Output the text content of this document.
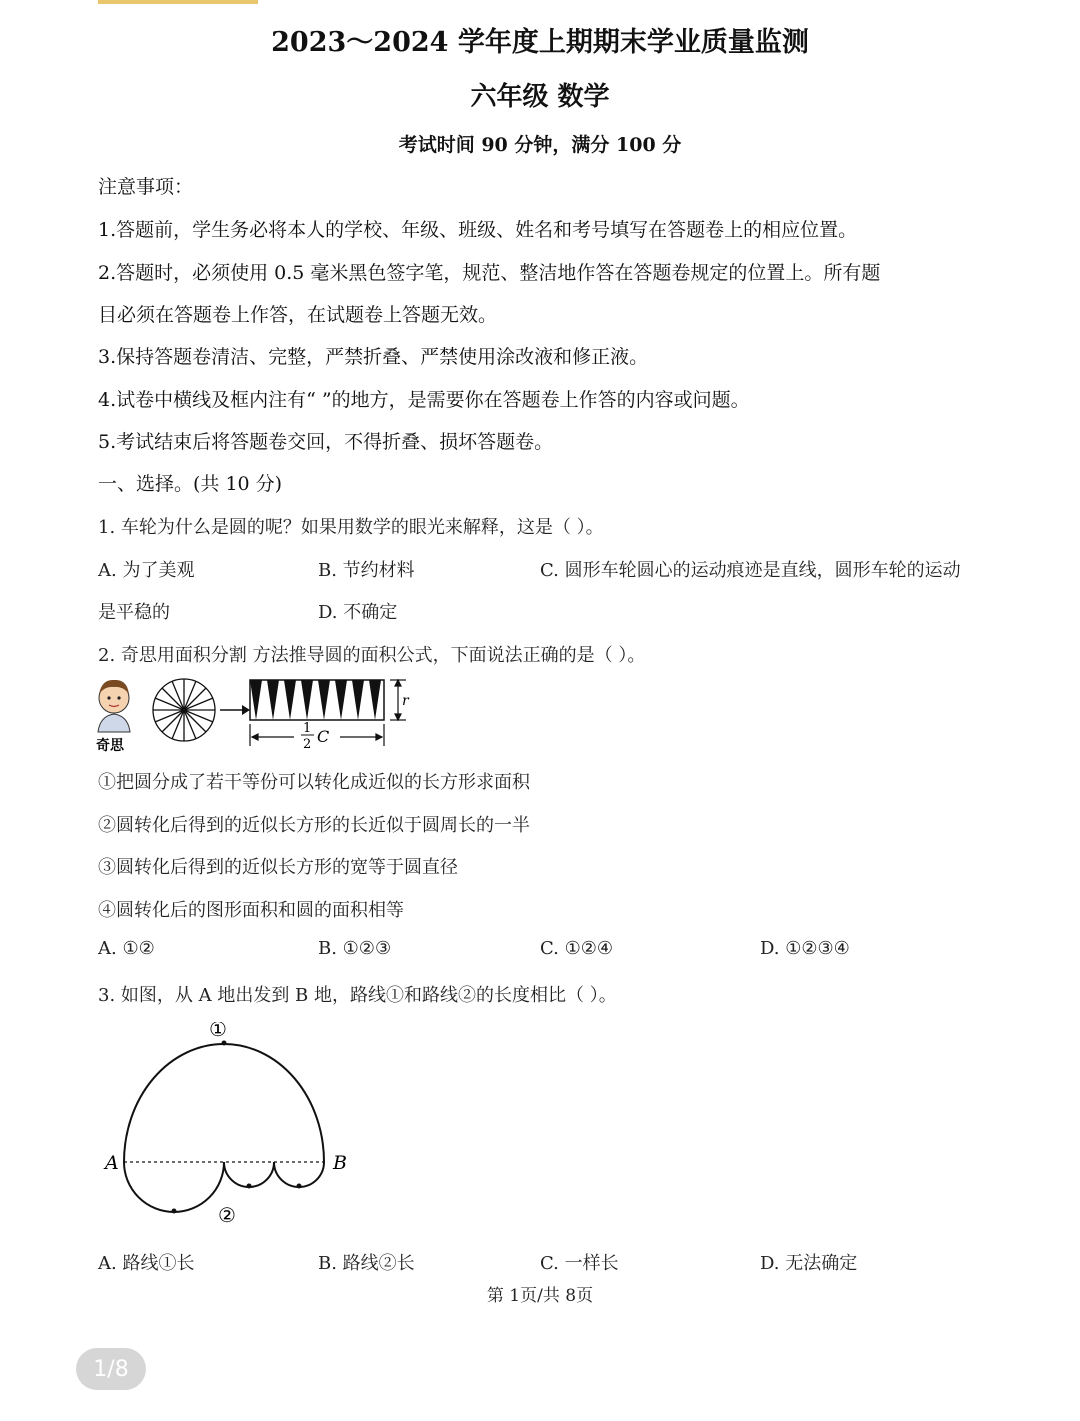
2023～2024 学年度上期期末学业质量监测
六年级 数学
考试时间 90 分钟，满分 100 分
注意事项：
1.答题前，学生务必将本人的学校、年级、班级、姓名和考号填写在答题卷上的相应位置。
2.答题时，必须使用 0.5 毫米黑色签字笔，规范、整洁地作答在答题卷规定的位置上。所有题
目必须在答题卷上作答，在试题卷上答题无效。
3.保持答题卷清洁、完整，严禁折叠、严禁使用涂改液和修正液。
4.试卷中横线及框内注有“ ”的地方，是需要你在答题卷上作答的内容或问题。
5.考试结束后将答题卷交回，不得折叠、损坏答题卷。
一、选择。(共 10 分)
1. 车轮为什么是圆的呢？如果用数学的眼光来解释，这是（ ）。
A. 为了美观	B. 节约材料	C. 圆形车轮圆心的运动痕迹是直线，圆形车轮的运动
是平稳的	D. 不确定
2. 奇思用面积分割 方法推导圆的面积公式，下面说法正确的是（ ）。
r
1
2 C
奇思
①把圆分成了若干等份可以转化成近似的长方形求面积
②圆转化后得到的近似长方形的长近似于圆周长的一半
③圆转化后得到的近似长方形的宽等于圆直径
④圆转化后的图形面积和圆的面积相等
A. ①②	B. ①②③	C. ①②④	D. ①②③④
3. 如图，从 A 地出发到 B 地，路线①和路线②的长度相比（ ）。
①
②
A	B
A. 路线①长	B. 路线②长	C. 一样长	D. 无法确定
第 1页/共 8页
1/8
